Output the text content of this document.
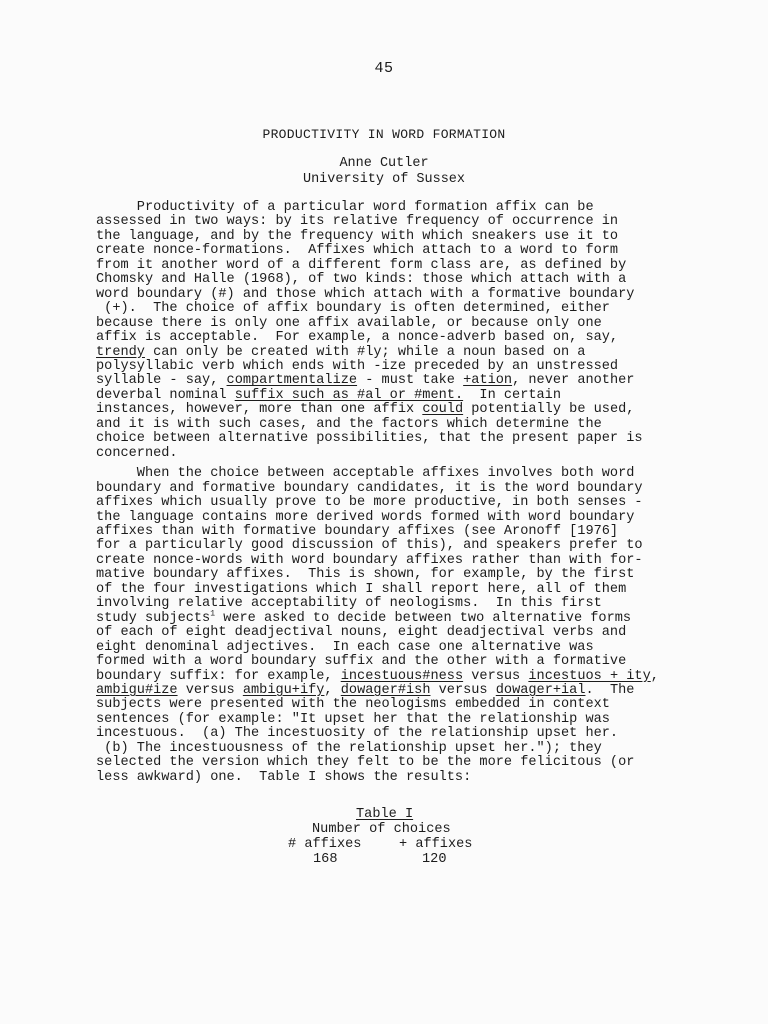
45
PRODUCTIVITY IN WORD FORMATION
Anne Cutler
University of Sussex
Productivity of a particular word formation affix can be
assessed in two ways: by its relative frequency of occurrence in
the language, and by the frequency with which sneakers use it to
create nonce-formations.  Affixes which attach to a word to form
from it another word of a different form class are, as defined by
Chomsky and Halle (1968), of two kinds: those which attach with a
word boundary (#) and those which attach with a formative boundary
(+).  The choice of affix boundary is often determined, either
because there is only one affix available, or because only one
affix is acceptable.  For example, a nonce-adverb based on, say,
trendy can only be created with #ly; while a noun based on a
polysyllabic verb which ends with -ize preceded by an unstressed
syllable - say, compartmentalize - must take +ation, never another
deverbal nominal suffix such as #al or #ment.  In certain
instances, however, more than one affix could potentially be used,
and it is with such cases, and the factors which determine the
choice between alternative possibilities, that the present paper is
concerned.
When the choice between acceptable affixes involves both word
boundary and formative boundary candidates, it is the word boundary
affixes which usually prove to be more productive, in both senses -
the language contains more derived words formed with word boundary
affixes than with formative boundary affixes (see Aronoff [1976]
for a particularly good discussion of this), and speakers prefer to
create nonce-words with word boundary affixes rather than with for-
mative boundary affixes.  This is shown, for example, by the first
of the four investigations which I shall report here, all of them
involving relative acceptability of neologisms.  In this first
study subjects$^1$ were asked to decide between two alternative forms
of each of eight deadjectival nouns, eight deadjectival verbs and
eight denominal adjectives.  In each case one alternative was
formed with a word boundary suffix and the other with a formative
boundary suffix: for example, incestuous#ness versus incestuos + ity,
ambigu#ize versus ambigu+ify, dowager#ish versus dowager+ial.  The
subjects were presented with the neologisms embedded in context
sentences (for example: "It upset her that the relationship was
incestuous.  (a) The incestuosity of the relationship upset her.
(b) The incestuousness of the relationship upset her."); they
selected the version which they felt to be the more felicitous (or
less awkward) one.  Table I shows the results:
Table I
Number of choices
# affixes	+ affixes
168	120
